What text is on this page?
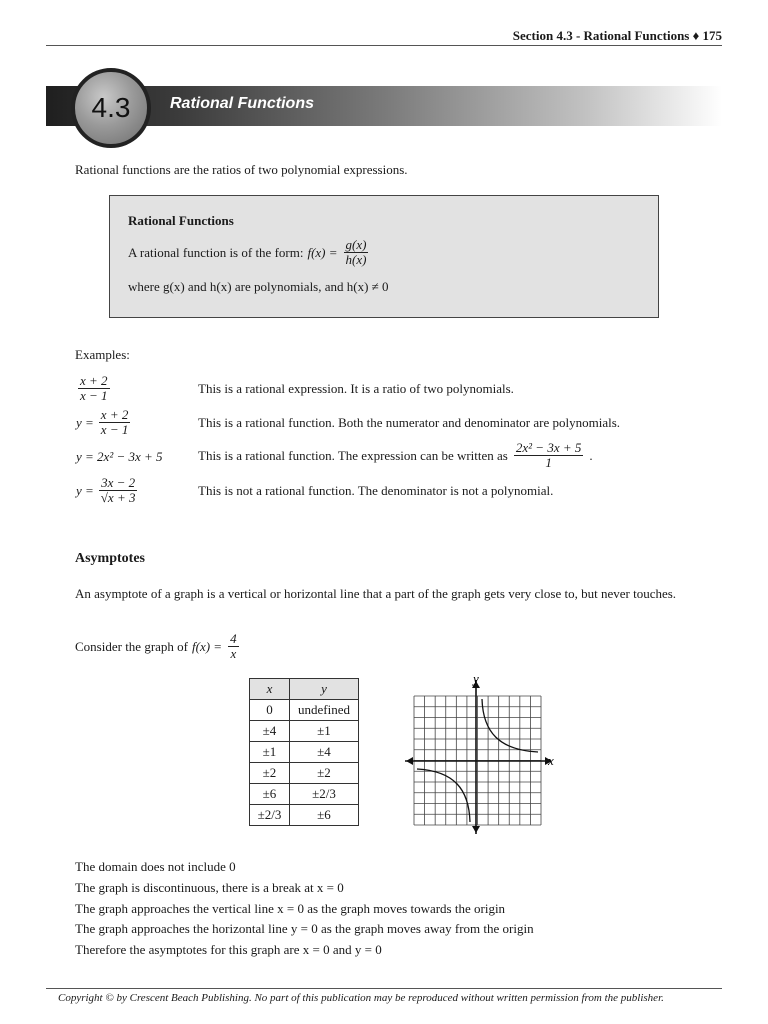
Section 4.3 - Rational Functions ♦ 175
4.3 Rational Functions

Rational functions are the ratios of two polynomial expressions.

Rational Functions
A rational function is of the form: $f(x) = \frac{g(x)}{h(x)}$
where g(x) and h(x) are polynomials, and h(x) ≠ 0
Examples:
$\frac{x + 2}{x - 1}$	This is a rational expression. It is a ratio of two polynomials.
$y = \frac{x + 2}{x - 1}$	This is a rational function. Both the numerator and denominator are polynomials.
y = 2x² − 3x + 5	This is a rational function. The expression can be written as $\frac{\text{2x² − 3x + 5}}{1}$ .
$y = \frac{3x - 2}{√x + 3}$	This is not a rational function. The denominator is not a polynomial.
Asymptotes
An asymptote of a graph is a vertical or horizontal line that a part of the graph gets very close to, but never touches.
Consider the graph of $f(x) = \frac{4}{x}$
x	y
0	undefined
±4	±1
±1	±4
±2	±2
±6	±2/3
±2/3	±6
x
y
The domain does not include 0
The graph is discontinuous, there is a break at x = 0
The graph approaches the vertical line x = 0 as the graph moves towards the origin
The graph approaches the horizontal line y = 0 as the graph moves away from the origin
Therefore the asymptotes for this graph are x = 0 and y = 0
Copyright © by Crescent Beach Publishing. No part of this publication may be reproduced without written permission from the publisher.
